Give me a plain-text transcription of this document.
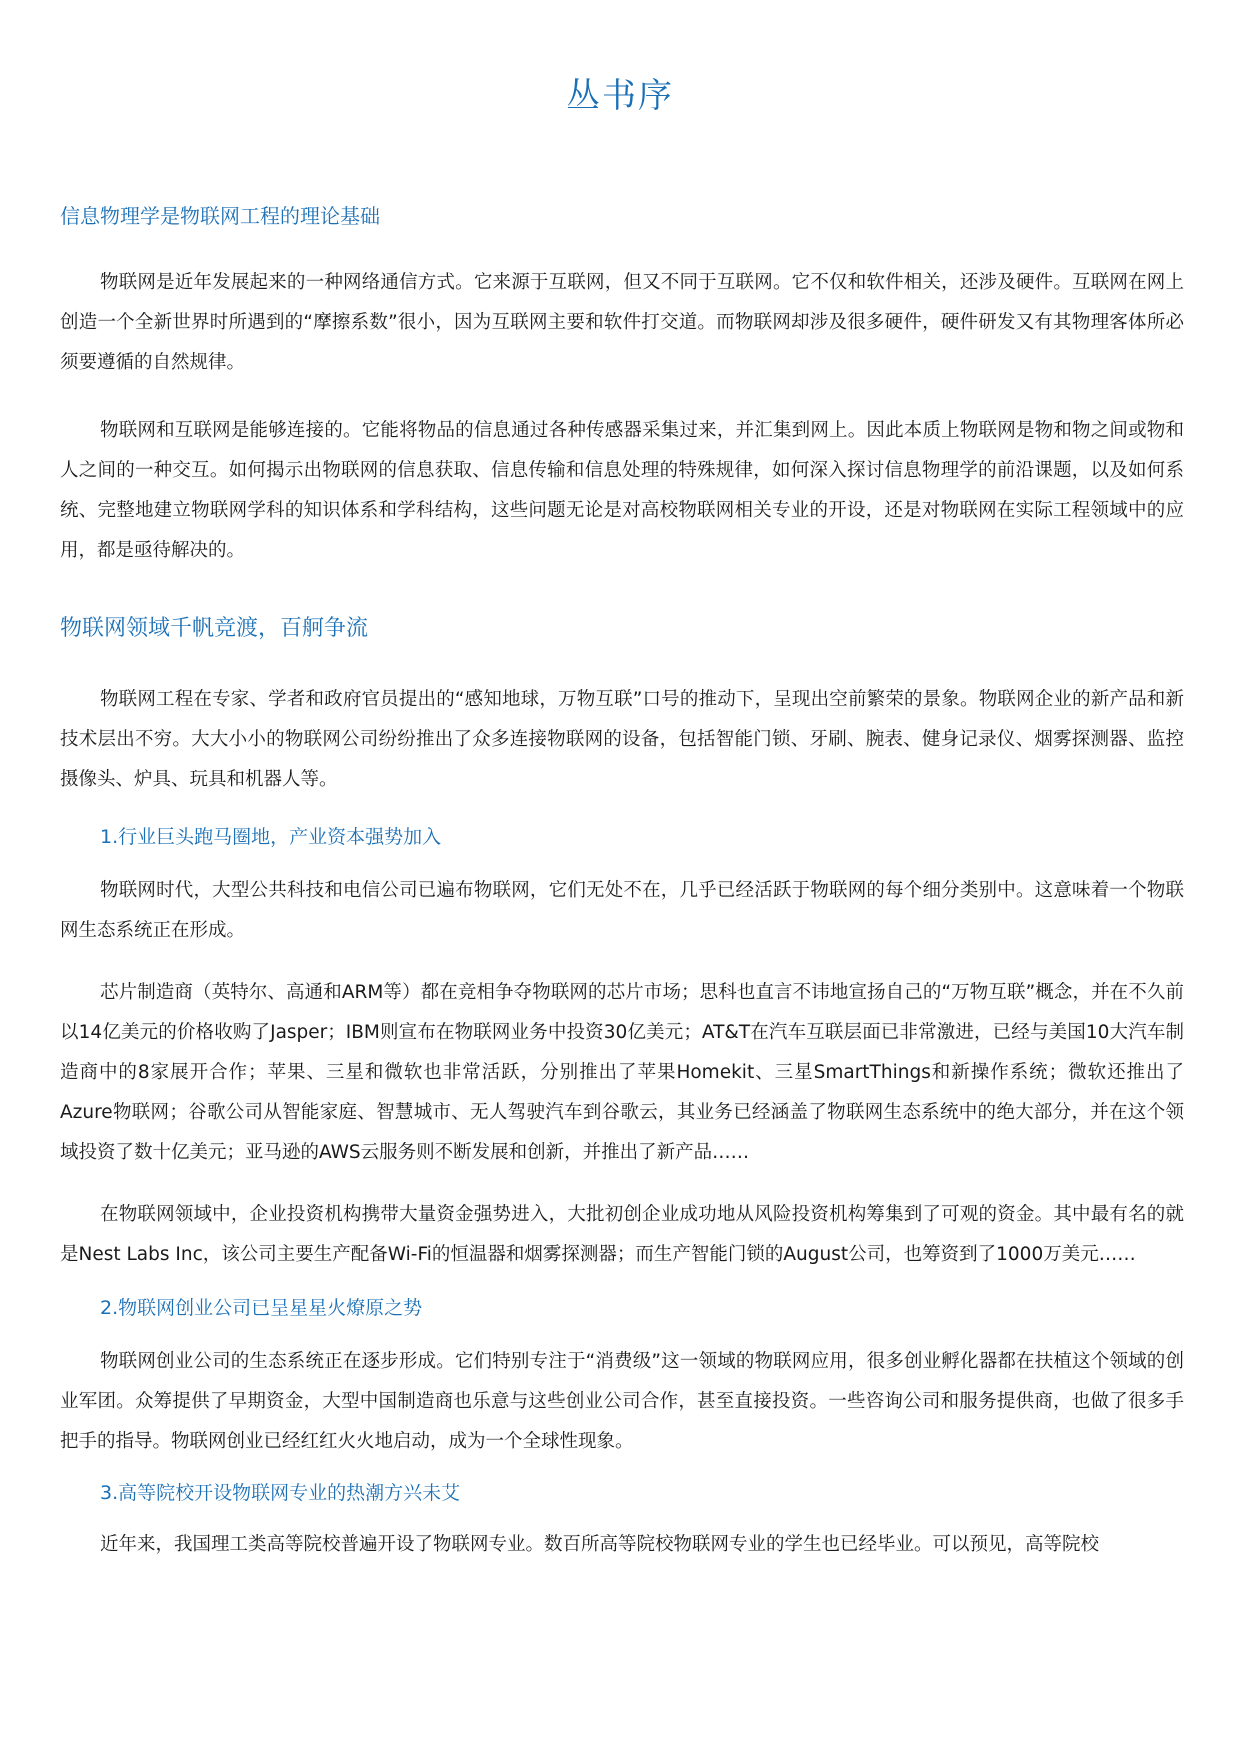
丛书序
信息物理学是物联网工程的理论基础

物联网是近年发展起来的一种网络通信方式。它来源于互联网，但又不同于互联网。它不仅和软件相关，还涉及硬件。互联网在网上创造一个全新世界时所遇到的“摩擦系数”很小，因为互联网主要和软件打交道。而物联网却涉及很多硬件，硬件研发又有其物理客体所必须要遵循的自然规律。

物联网和互联网是能够连接的。它能将物品的信息通过各种传感器采集过来，并汇集到网上。因此本质上物联网是物和物之间或物和人之间的一种交互。如何揭示出物联网的信息获取、信息传输和信息处理的特殊规律，如何深入探讨信息物理学的前沿课题，以及如何系统、完整地建立物联网学科的知识体系和学科结构，这些问题无论是对高校物联网相关专业的开设，还是对物联网在实际工程领域中的应用，都是亟待解决的。

物联网领域千帆竞渡，百舸争流

物联网工程在专家、学者和政府官员提出的“感知地球，万物互联”口号的推动下，呈现出空前繁荣的景象。物联网企业的新产品和新技术层出不穷。大大小小的物联网公司纷纷推出了众多连接物联网的设备，包括智能门锁、牙刷、腕表、健身记录仪、烟雾探测器、监控摄像头、炉具、玩具和机器人等。

1.行业巨头跑马圈地，产业资本强势加入

物联网时代，大型公共科技和电信公司已遍布物联网，它们无处不在，几乎已经活跃于物联网的每个细分类别中。这意味着一个物联网生态系统正在形成。

芯片制造商（英特尔、高通和ARM等）都在竞相争夺物联网的芯片市场；思科也直言不讳地宣扬自己的“万物互联”概念，并在不久前以14亿美元的价格收购了Jasper；IBM则宣布在物联网业务中投资30亿美元；AT&T在汽车互联层面已非常激进，已经与美国10大汽车制造商中的8家展开合作；苹果、三星和微软也非常活跃，分别推出了苹果Homekit、三星SmartThings和新操作系统；微软还推出了Azure物联网；谷歌公司从智能家庭、智慧城市、无人驾驶汽车到谷歌云，其业务已经涵盖了物联网生态系统中的绝大部分，并在这个领域投资了数十亿美元；亚马逊的AWS云服务则不断发展和创新，并推出了新产品……

在物联网领域中，企业投资机构携带大量资金强势进入，大批初创企业成功地从风险投资机构筹集到了可观的资金。其中最有名的就是Nest Labs Inc，该公司主要生产配备Wi-Fi的恒温器和烟雾探测器；而生产智能门锁的August公司，也筹资到了1000万美元……

2.物联网创业公司已呈星星火燎原之势

物联网创业公司的生态系统正在逐步形成。它们特别专注于“消费级”这一领域的物联网应用，很多创业孵化器都在扶植这个领域的创业军团。众筹提供了早期资金，大型中国制造商也乐意与这些创业公司合作，甚至直接投资。一些咨询公司和服务提供商，也做了很多手把手的指导。物联网创业已经红红火火地启动，成为一个全球性现象。

3.高等院校开设物联网专业的热潮方兴未艾

近年来，我国理工类高等院校普遍开设了物联网专业。数百所高等院校物联网专业的学生也已经毕业。可以预见，高等院校
